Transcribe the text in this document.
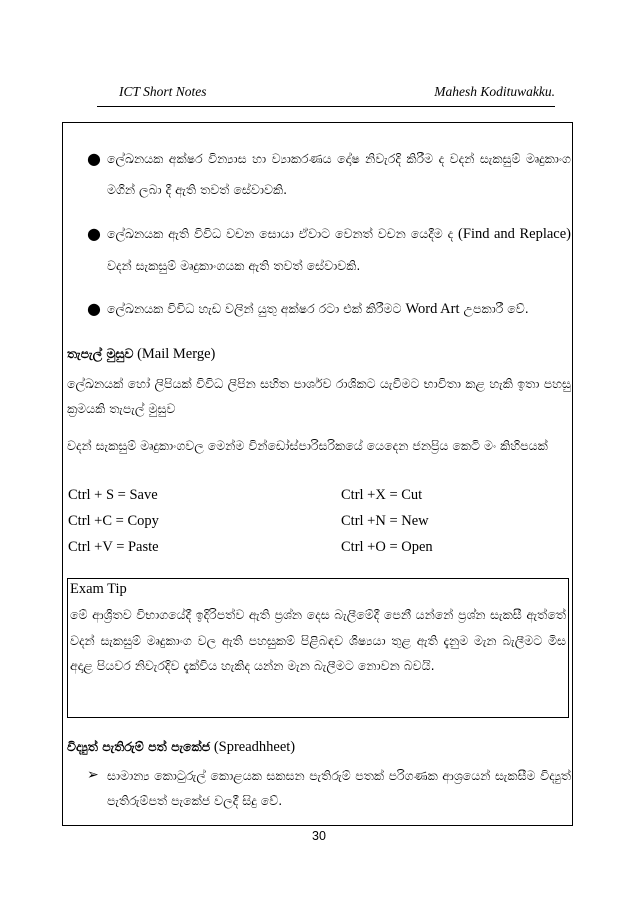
ICT Short Notes	Mahesh Kodituwakku.
● ලේඛනයක අක්ෂර වින්‍යාස හා ව්‍යාකරණය දෝෂ නිවැරදි කිරීම ද වදන් සැකසුම් මෘදුකාංග මගින් ලබා දී ඇති තවත් සේවාවකි.
● ලේඛනයක ඇති විවිධ වචන සොයා ඒවාට වෙනත් වචන යෙදීම ද (Find and Replace) වදන් සැකසුම් මෘදුකාංගයක ඇති තවත් සේවාවකි.
● ලේඛනයක විවිධ හැඩ වලින් යුතු අක්ෂර රටා එක් කිරීමට Word Art උපකාරී වේ.
තැපැල් මුසුව (Mail Merge)
ලේඛනයක් හෝ ලිපියක් විවිධ ලිපින සහිත පාර්ශව රාශිකට යැවීමට භාවිතා කළ හැකි ඉතා පහසු ක්‍රමයකි තැපැල් මුසුව
වදන් සැකසුම් මෘදුකාංගවල මෙන්ම වින්ඩෝස්පාරිසරිකයේ යෙදෙන ජනප්‍රිය කෙටි මං කිහිපයක්
Ctrl + S = Save	Ctrl +X = Cut
Ctrl +C = Copy	Ctrl +N = New
Ctrl +V = Paste	Ctrl +O = Open
Exam Tip
මේ ආශ්‍රිතව විභාගයේදී ඉදිරිපත්ව ඇති ප්‍රශ්න දෙස බැලීමේදී පෙනී යන්නේ ප්‍රශ්න සැකසී ඇත්තේ වදන් සැකසුම් මෘදුකාංග වල ඇති පහසුකම් පිළිබඳව ශිෂ්‍යයා තුළ ඇති දැනුම මැන බැලීමට මිස අදාළ පියවර නිවැරදිව දැක්විය හැකිද යන්න මැන බැලීමට නොවන බවයි.
විද්‍යුත් පැතිරුම් පත් පැකේජ (Spreadhheet)
➢ සාමාන්‍ය කොටුරුල් කොළයක සකසන පැතිරුම් පතක් පරිගණක ආශ්‍රයෙන් සැකසීම විද්‍යුත් පැතිරුම්පත් පැකේජ වලදී සිදු වේ.
30
